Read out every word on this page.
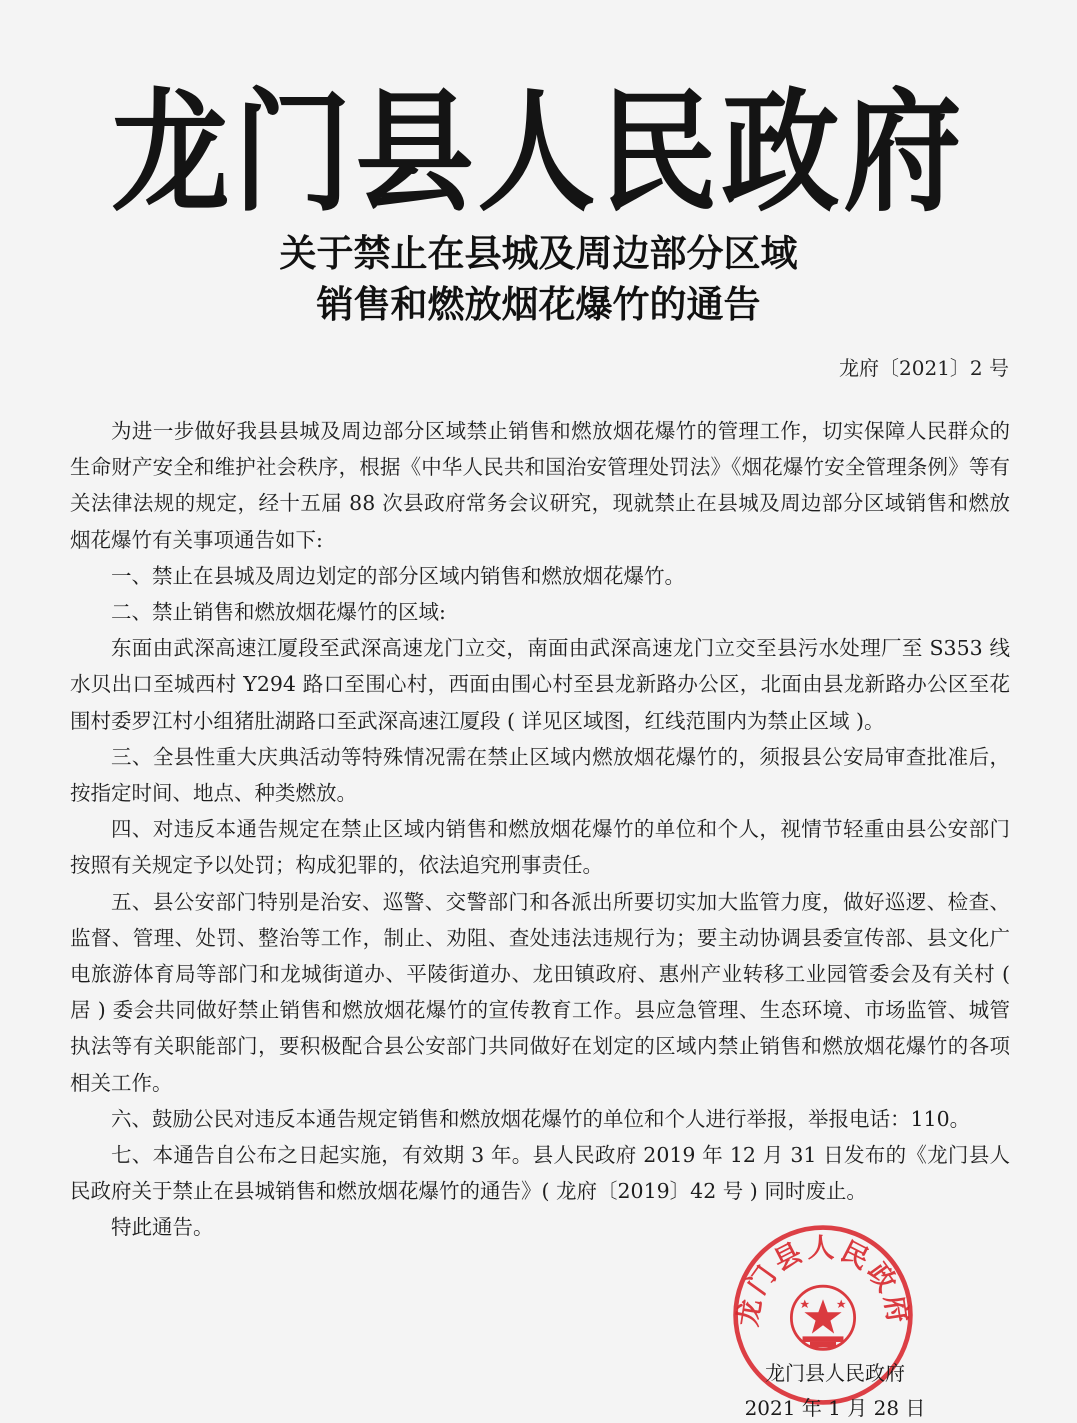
龙门县人民政府
关于禁止在县城及周边部分区域
销售和燃放烟花爆竹的通告
龙府〔2021〕2 号

为进一步做好我县县城及周边部分区域禁止销售和燃放烟花爆竹的管理工作，切实保障人民群众的生命财产安全和维护社会秩序，根据《中华人民共和国治安管理处罚法》《烟花爆竹安全管理条例》等有关法律法规的规定，经十五届 88 次县政府常务会议研究，现就禁止在县城及周边部分区域销售和燃放烟花爆竹有关事项通告如下:

一、禁止在县城及周边划定的部分区域内销售和燃放烟花爆竹。

二、禁止销售和燃放烟花爆竹的区域:

东面由武深高速江厦段至武深高速龙门立交，南面由武深高速龙门立交至县污水处理厂至 S353 线水贝出口至城西村 Y294 路口至围心村，西面由围心村至县龙新路办公区，北面由县龙新路办公区至花围村委罗江村小组猪肚湖路口至武深高速江厦段 ( 详见区域图，红线范围内为禁止区域 )。

三、全县性重大庆典活动等特殊情况需在禁止区域内燃放烟花爆竹的，须报县公安局审查批准后，按指定时间、地点、种类燃放。

四、对违反本通告规定在禁止区域内销售和燃放烟花爆竹的单位和个人，视情节轻重由县公安部门按照有关规定予以处罚；构成犯罪的，依法追究刑事责任。

五、县公安部门特别是治安、巡警、交警部门和各派出所要切实加大监管力度，做好巡逻、检查、监督、管理、处罚、整治等工作，制止、劝阻、查处违法违规行为；要主动协调县委宣传部、县文化广电旅游体育局等部门和龙城街道办、平陵街道办、龙田镇政府、惠州产业转移工业园管委会及有关村 ( 居 ) 委会共同做好禁止销售和燃放烟花爆竹的宣传教育工作。县应急管理、生态环境、市场监管、城管执法等有关职能部门，要积极配合县公安部门共同做好在划定的区域内禁止销售和燃放烟花爆竹的各项相关工作。

六、鼓励公民对违反本通告规定销售和燃放烟花爆竹的单位和个人进行举报，举报电话：110。

七、本通告自公布之日起实施，有效期 3 年。县人民政府 2019 年 12 月 31 日发布的《龙门县人民政府关于禁止在县城销售和燃放烟花爆竹的通告》( 龙府〔2019〕42 号 ) 同时废止。

特此通告。

龙门县人民政府
龙门县人民政府
2021 年 1 月 28 日
